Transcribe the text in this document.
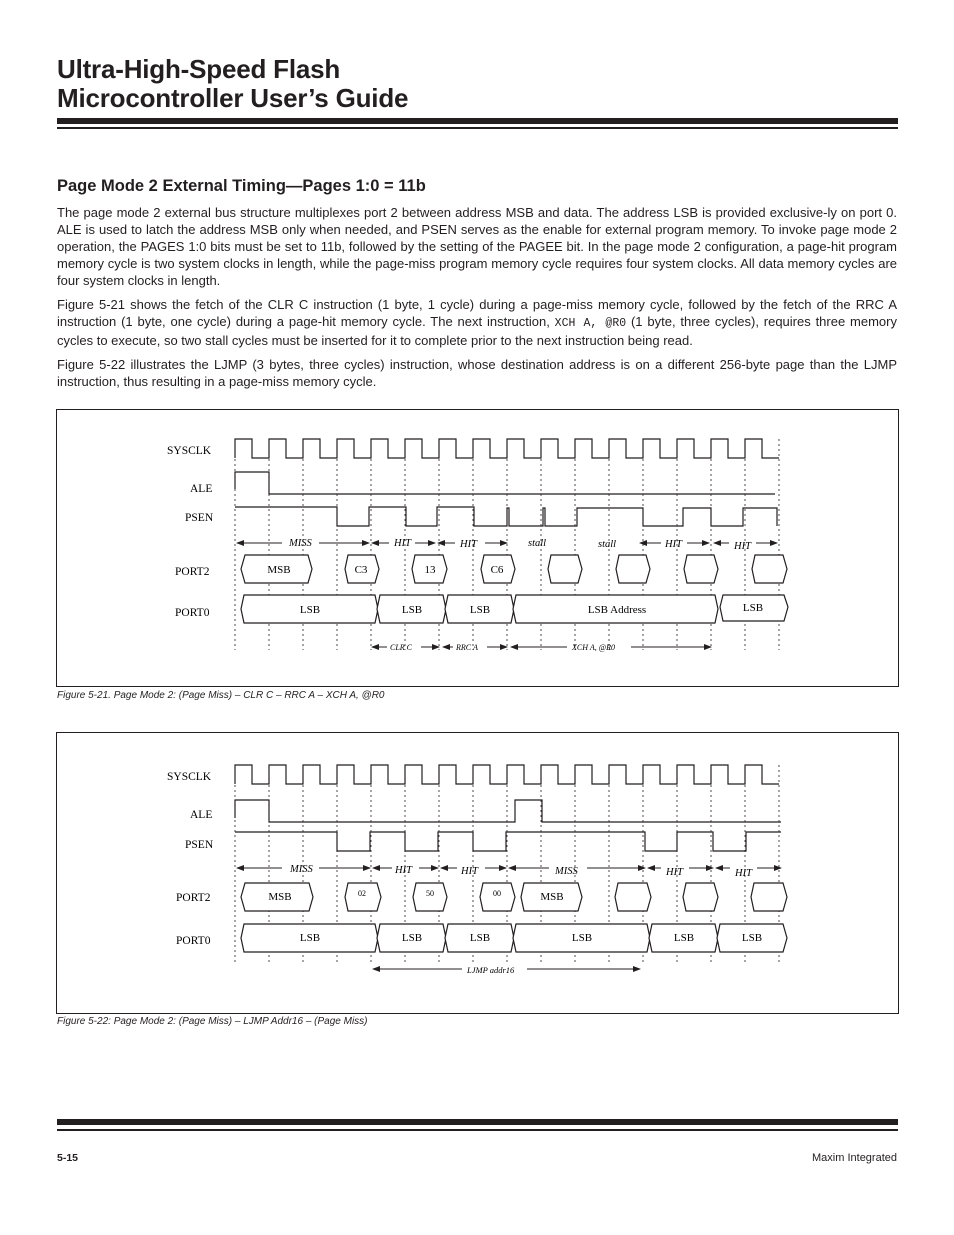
Ultra-High-Speed Flash
Microcontroller User’s Guide
Page Mode 2 External Timing—Pages 1:0 = 11b

The page mode 2 external bus structure multiplexes port 2 between address MSB and data. The address LSB is provided exclusive-ly on port 0. ALE is used to latch the address MSB only when needed, and PSEN serves as the enable for external program memory. To invoke page mode 2 operation, the PAGES 1:0 bits must be set to 11b, followed by the setting of the PAGEE bit. In the page mode 2 configuration, a page-hit program memory cycle is two system clocks in length, while the page-miss program memory cycle requires four system clocks. All data memory cycles are four system clocks in length.

Figure 5-21 shows the fetch of the CLR C instruction (1 byte, 1 cycle) during a page-miss memory cycle, followed by the fetch of the RRC A instruction (1 byte, one cycle) during a page-hit memory cycle. The next instruction, XCH A, @R0 (1 byte, three cycles), requires three memory cycles to execute, so two stall cycles must be inserted for it to complete prior to the next instruction being read.

Figure 5-22 illustrates the LJMP (3 bytes, three cycles) instruction, whose destination address is on a different 256-byte page than the LJMP instruction, thus resulting in a page-miss memory cycle.

SYSCLK
ALE
PSEN
PORT2
PORT0
MISS	HIT	HIT	stall	stall	HIT	HIT
MSB	C3	13	C6
LSB	LSB	LSB	LSB Address	LSB
CLR C	RRC A	XCH A, @R0
Figure 5-21. Page Mode 2: (Page Miss) – CLR C – RRC A – XCH A, @R0
SYSCLK
ALE
PSEN
PORT2
PORT0
MISS	HIT	HIT	MISS	HIT	HIT
MSB	02	50	00	MSB
LSB	LSB	LSB	LSB	LSB	LSB
LJMP addr16
Figure 5-22: Page Mode 2: (Page Miss) – LJMP Addr16 – (Page Miss)
5-15	Maxim Integrated
